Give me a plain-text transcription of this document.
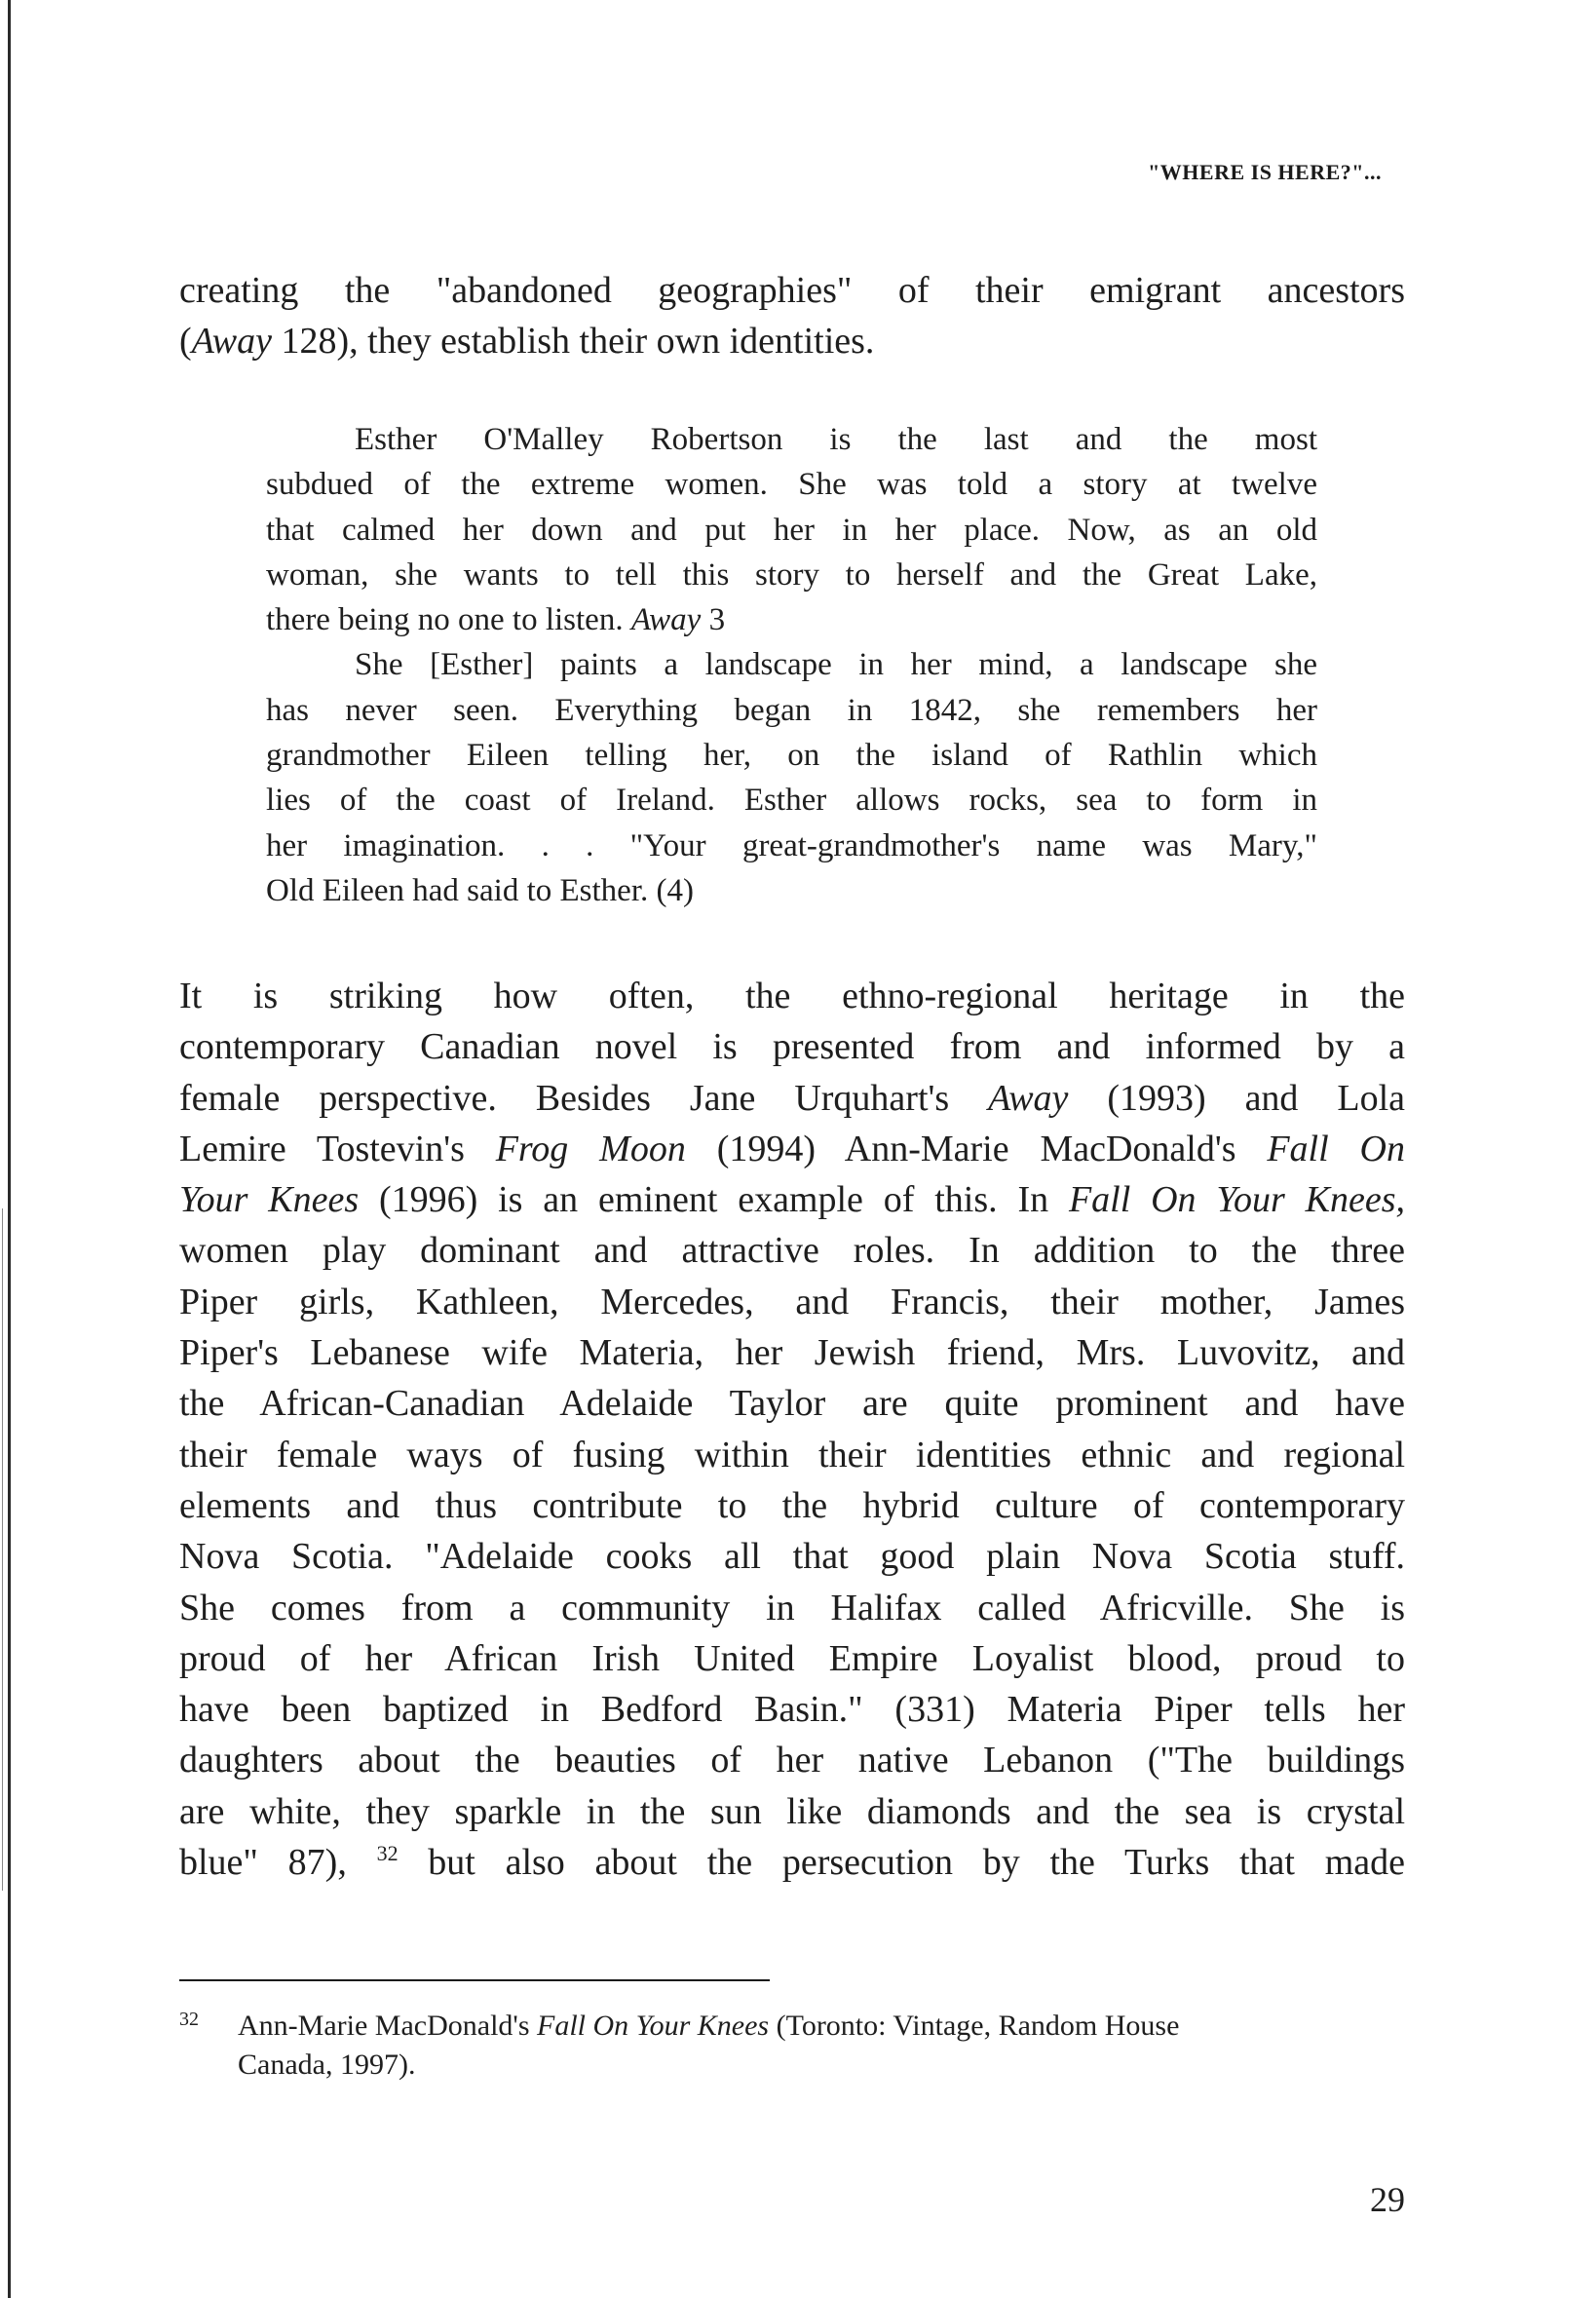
"WHERE IS HERE?"...
creating the "abandoned geographies" of their emigrant ancestors
(Away 128), they establish their own identities.
Esther O'Malley Robertson is the last and the most
subdued of the extreme women. She was told a story at twelve
that calmed her down and put her in her place. Now, as an old
woman, she wants to tell this story to herself and the Great Lake,
there being no one to listen. Away 3
She [Esther] paints a landscape in her mind, a landscape she
has never seen. Everything began in 1842, she remembers her
grandmother Eileen telling her, on the island of Rathlin which
lies of the coast of Ireland. Esther allows rocks, sea to form in
her imagination. . . "Your great-grandmother's name was Mary,"
Old Eileen had said to Esther. (4)
It is striking how often, the ethno-regional heritage in the
contemporary Canadian novel is presented from and informed by a
female perspective. Besides Jane Urquhart's Away (1993) and Lola
Lemire Tostevin's Frog Moon (1994) Ann-Marie MacDonald's Fall On
Your Knees (1996) is an eminent example of this. In Fall On Your Knees,
women play dominant and attractive roles. In addition to the three
Piper girls, Kathleen, Mercedes, and Francis, their mother, James
Piper's Lebanese wife Materia, her Jewish friend, Mrs. Luvovitz, and
the African-Canadian Adelaide Taylor are quite prominent and have
their female ways of fusing within their identities ethnic and regional
elements and thus contribute to the hybrid culture of contemporary
Nova Scotia. "Adelaide cooks all that good plain Nova Scotia stuff.
She comes from a community in Halifax called Africville. She is
proud of her African Irish United Empire Loyalist blood, proud to
have been baptized in Bedford Basin." (331) Materia Piper tells her
daughters about the beauties of her native Lebanon ("The buildings
are white, they sparkle in the sun like diamonds and the sea is crystal
blue" 87), $^{32}$ but also about the persecution by the Turks that made
32 Ann-Marie MacDonald's Fall On Your Knees (Toronto: Vintage, Random House
Canada, 1997).
29
